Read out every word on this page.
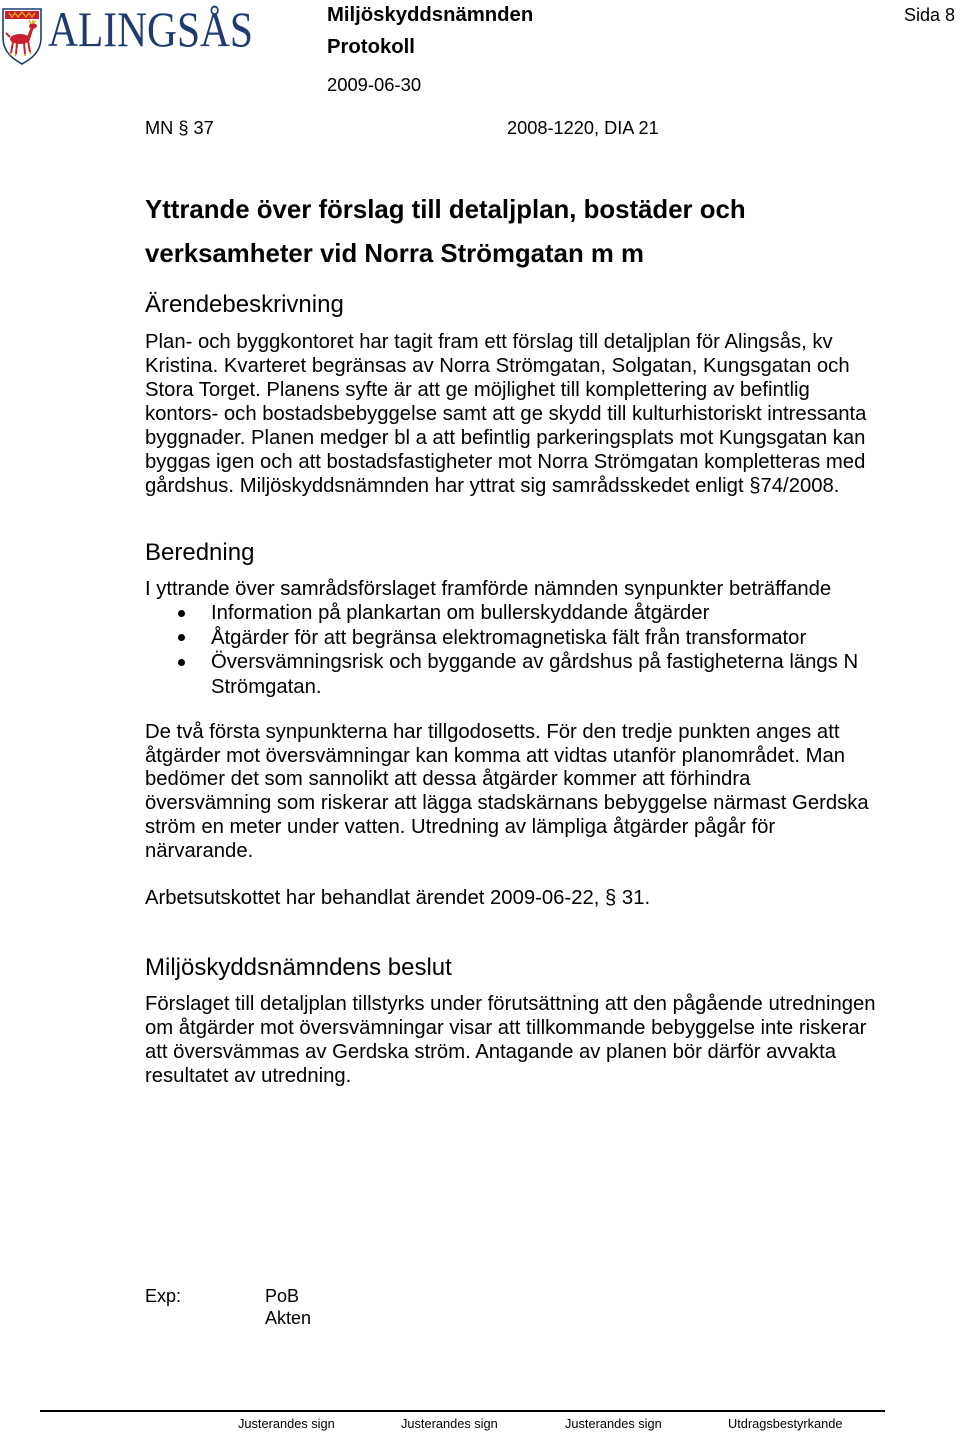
ALINGSÅS	Miljöskyddsnämnden
Protokoll
2009-06-30
Sida 8
MN § 37	2008-1220, DIA 21
Yttrande över förslag till detaljplan, bostäder och
verksamheter vid Norra Strömgatan m m
Ärendebeskrivning
Plan- och byggkontoret har tagit fram ett förslag till detaljplan för Alingsås, kv
Kristina. Kvarteret begränsas av Norra Strömgatan, Solgatan, Kungsgatan och
Stora Torget. Planens syfte är att ge möjlighet till komplettering av befintlig
kontors- och bostadsbebyggelse samt att ge skydd till kulturhistoriskt intressanta
byggnader. Planen medger bl a att befintlig parkeringsplats mot Kungsgatan kan
byggas igen och att bostadsfastigheter mot Norra Strömgatan kompletteras med
gårdshus. Miljöskyddsnämnden har yttrat sig samrådsskedet enligt §74/2008.
Beredning
I yttrande över samrådsförslaget framförde nämnden synpunkter beträffande
Information på plankartan om bullerskyddande åtgärder
Åtgärder för att begränsa elektromagnetiska fält från transformator
Översvämningsrisk och byggande av gårdshus på fastigheterna längs N
Strömgatan.
De två första synpunkterna har tillgodosetts. För den tredje punkten anges att
åtgärder mot översvämningar kan komma att vidtas utanför planområdet. Man
bedömer det som sannolikt att dessa åtgärder kommer att förhindra
översvämning som riskerar att lägga stadskärnans bebyggelse närmast Gerdska
ström en meter under vatten. Utredning av lämpliga åtgärder pågår för
närvarande.
Arbetsutskottet har behandlat ärendet 2009-06-22, § 31.
Miljöskyddsnämndens beslut
Förslaget till detaljplan tillstyrks under förutsättning att den pågående utredningen
om åtgärder mot översvämningar visar att tillkommande bebyggelse inte riskerar
att översvämmas av Gerdska ström. Antagande av planen bör därför avvakta
resultatet av utredning.
Exp:	PoB
Akten
Justerandes sign	Justerandes sign	Justerandes sign	Utdragsbestyrkande
